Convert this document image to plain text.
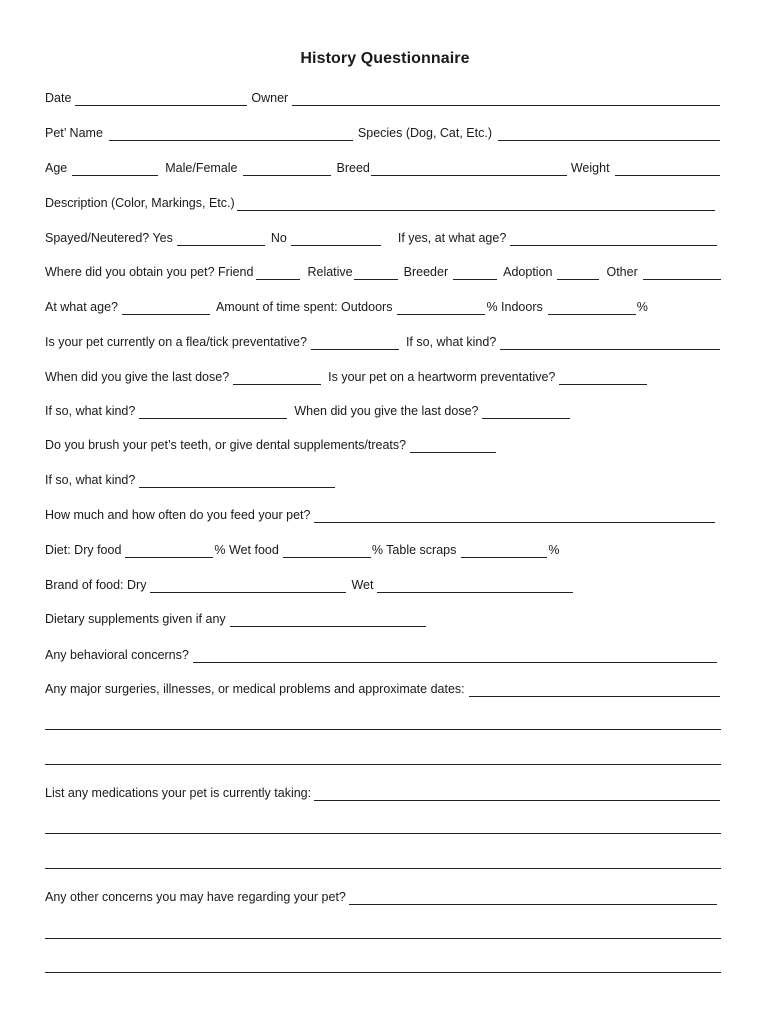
History Questionnaire
Date	Owner
Pet’ Name	Species (Dog, Cat, Etc.)
Age	Male/Female	Breed	Weight
Description (Color, Markings, Etc.)
Spayed/Neutered? Yes	No	If yes, at what age?
Where did you obtain you pet? Friend	Relative	Breeder	Adoption	Other
At what age?	Amount of time spent: Outdoors	% Indoors	%
Is your pet currently on a flea/tick preventative?	If so, what kind?
When did you give the last dose?	Is your pet on a heartworm preventative?
If so, what kind?	When did you give the last dose?
Do you brush your pet’s teeth, or give dental supplements/treats?
If so, what kind?
How much and how often do you feed your pet?
Diet: Dry food	% Wet food	% Table scraps	%
Brand of food: Dry	Wet
Dietary supplements given if any
Any behavioral concerns?
Any major surgeries, illnesses, or medical problems and approximate dates:
List any medications your pet is currently taking:
Any other concerns you may have regarding your pet?
